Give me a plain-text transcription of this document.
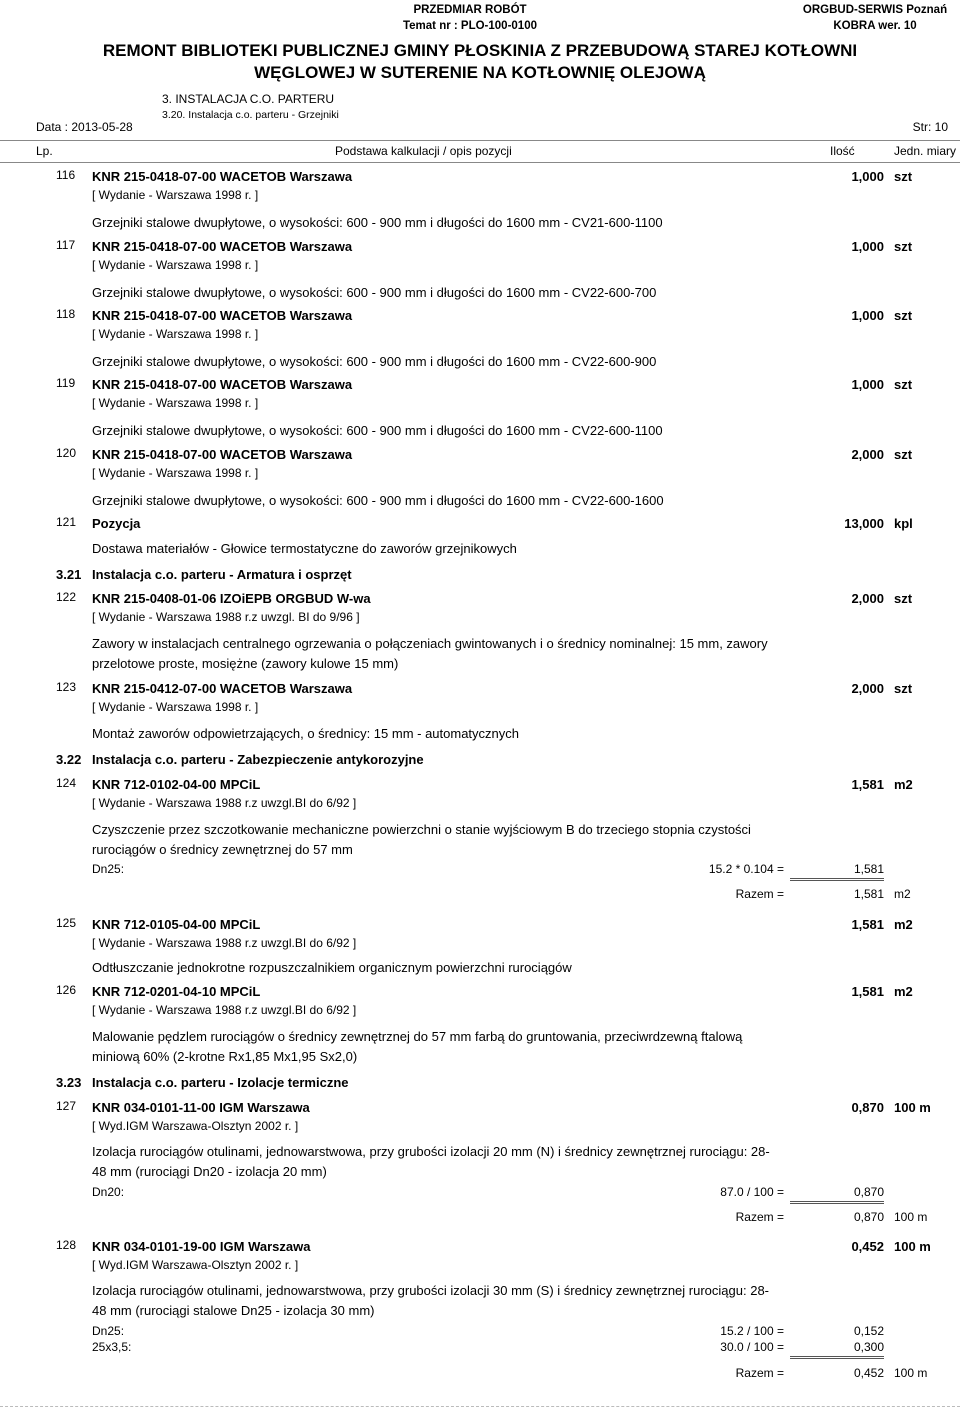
PRZEDMIAR ROBÓT
Temat nr : PLO-100-0100
ORGBUD-SERWIS Poznań
KOBRA wer. 10
REMONT BIBLIOTEKI PUBLICZNEJ GMINY PŁOSKINIA Z PRZEBUDOWĄ STAREJ KOTŁOWNI WĘGLOWEJ W SUTERENIE NA KOTŁOWNIĘ OLEJOWĄ
3. INSTALACJA C.O. PARTERU
3.20. Instalacja c.o. parteru - Grzejniki
Data : 2013-05-28	Str: 10
Lp.	Podstawa kalkulacji / opis pozycji	Ilość	Jedn. miary
116	KNR 215-0418-07-00 WACETOB Warszawa	1,000 szt
[ Wydanie - Warszawa 1998 r. ]
Grzejniki stalowe dwupłytowe, o wysokości: 600 - 900 mm i długości do 1600 mm - CV21-600-1100
117	KNR 215-0418-07-00 WACETOB Warszawa	1,000 szt
[ Wydanie - Warszawa 1998 r. ]
Grzejniki stalowe dwupłytowe, o wysokości: 600 - 900 mm i długości do 1600 mm - CV22-600-700
118	KNR 215-0418-07-00 WACETOB Warszawa	1,000 szt
[ Wydanie - Warszawa 1998 r. ]
Grzejniki stalowe dwupłytowe, o wysokości: 600 - 900 mm i długości do 1600 mm - CV22-600-900
119	KNR 215-0418-07-00 WACETOB Warszawa	1,000 szt
[ Wydanie - Warszawa 1998 r. ]
Grzejniki stalowe dwupłytowe, o wysokości: 600 - 900 mm i długości do 1600 mm - CV22-600-1100
120	KNR 215-0418-07-00 WACETOB Warszawa	2,000 szt
[ Wydanie - Warszawa 1998 r. ]
Grzejniki stalowe dwupłytowe, o wysokości: 600 - 900 mm i długości do 1600 mm - CV22-600-1600
121	Pozycja	13,000 kpl
Dostawa materiałów - Głowice termostatyczne do zaworów grzejnikowych
3.21 Instalacja c.o. parteru - Armatura i osprzęt
122	KNR 215-0408-01-06 IZOiEPB ORGBUD W-wa	2,000 szt
[ Wydanie - Warszawa 1988 r.z uwzgl. BI do 9/96 ]
Zawory w instalacjach centralnego ogrzewania o połączeniach gwintowanych i o średnicy nominalnej: 15 mm, zawory przelotowe proste, mosiężne (zawory kulowe 15 mm)
123	KNR 215-0412-07-00 WACETOB Warszawa	2,000 szt
[ Wydanie - Warszawa 1998 r. ]
Montaż zaworów odpowietrzających, o średnicy: 15 mm - automatycznych
3.22 Instalacja c.o. parteru - Zabezpieczenie antykorozyjne
124	KNR 712-0102-04-00 MPCiL	1,581 m2
[ Wydanie - Warszawa 1988 r.z uwzgl.BI do 6/92 ]
Czyszczenie przez szczotkowanie mechaniczne powierzchni o stanie wyjściowym B do trzeciego stopnia czystości rurociągów o średnicy zewnętrznej do 57 mm
Dn25:	15.2 * 0.104 =	1,581
Razem =	1,581 m2
125	KNR 712-0105-04-00 MPCiL	1,581 m2
[ Wydanie - Warszawa 1988 r.z uwzgl.BI do 6/92 ]
Odtłuszczanie jednokrotne rozpuszczalnikiem organicznym powierzchni rurociągów
126	KNR 712-0201-04-10 MPCiL	1,581 m2
[ Wydanie - Warszawa 1988 r.z uwzgl.BI do 6/92 ]
Malowanie pędzlem rurociągów o średnicy zewnętrznej do 57 mm farbą do gruntowania, przeciwrdzewną ftalową miniową 60% (2-krotne Rx1,85 Mx1,95 Sx2,0)
3.23 Instalacja c.o. parteru - Izolacje termiczne
127	KNR 034-0101-11-00 IGM Warszawa	0,870 100 m
[ Wyd.IGM Warszawa-Olsztyn 2002 r. ]
Izolacja rurociągów otulinami, jednowarstwowa, przy grubości izolacji 20 mm (N) i średnicy zewnętrznej rurociągu: 28-48 mm (rurociągi Dn20 - izolacja 20 mm)
Dn20:	87.0 / 100 =	0,870
Razem =	0,870 100 m
128	KNR 034-0101-19-00 IGM Warszawa	0,452 100 m
[ Wyd.IGM Warszawa-Olsztyn 2002 r. ]
Izolacja rurociągów otulinami, jednowarstwowa, przy grubości izolacji 30 mm (S) i średnicy zewnętrznej rurociągu: 28-48 mm (rurociągi stalowe Dn25 - izolacja 30 mm)
Dn25:	15.2 / 100 =	0,152
25x3,5:	30.0 / 100 =	0,300
Razem =	0,452 100 m
